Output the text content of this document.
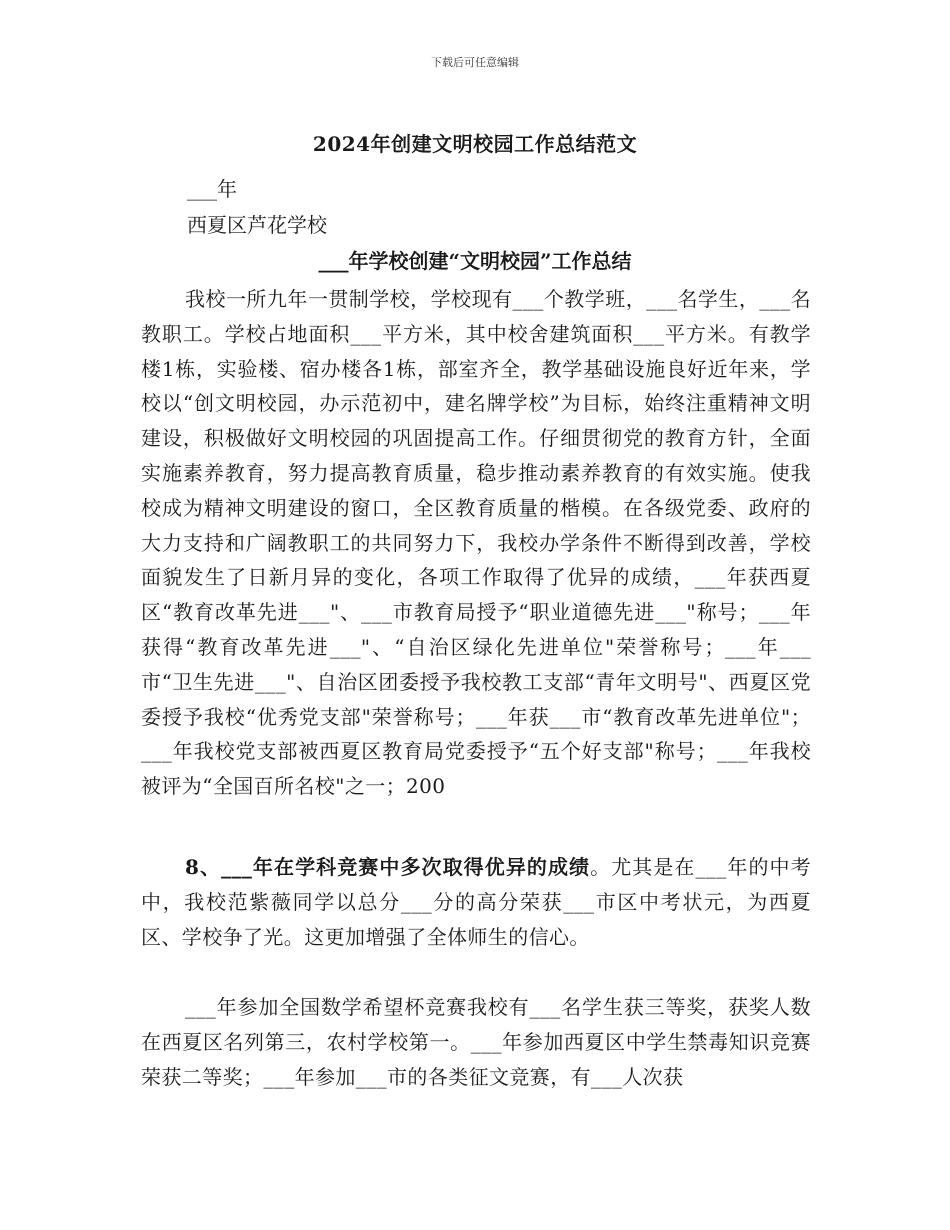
下载后可任意编辑
2024年创建文明校园工作总结范文
___年
西夏区芦花学校
___年学校创建“文明校园”工作总结
我校一所九年一贯制学校，学校现有___个教学班，___名学生，___名教职工。学校占地面积___平方米，其中校舍建筑面积___平方米。有教学楼1栋，实验楼、宿办楼各1栋，部室齐全，教学基础设施良好近年来，学校以“创文明校园，办示范初中，建名牌学校”为目标，始终注重精神文明建设，积极做好文明校园的巩固提高工作。仔细贯彻党的教育方针，全面实施素养教育，努力提高教育质量，稳步推动素养教育的有效实施。使我校成为精神文明建设的窗口，全区教育质量的楷模。在各级党委、政府的大力支持和广阔教职工的共同努力下，我校办学条件不断得到改善，学校面貌发生了日新月异的变化，各项工作取得了优异的成绩，___年获西夏区“教育改革先进___"、___市教育局授予“职业道德先进___"称号；___年获得“教育改革先进___"、“自治区绿化先进单位"荣誉称号；___年___市“卫生先进___"、自治区团委授予我校教工支部“青年文明号"、西夏区党委授予我校“优秀党支部"荣誉称号；___年获___市“教育改革先进单位"；___年我校党支部被西夏区教育局党委授予“五个好支部"称号；___年我校被评为“全国百所名校"之一；200
8、___年在学科竞赛中多次取得优异的成绩。尤其是在___年的中考中，我校范紫薇同学以总分___分的高分荣获___市区中考状元，为西夏区、学校争了光。这更加增强了全体师生的信心。
___年参加全国数学希望杯竞赛我校有___名学生获三等奖，获奖人数在西夏区名列第三，农村学校第一。___年参加西夏区中学生禁毒知识竞赛荣获二等奖；___年参加___市的各类征文竞赛，有___人次获
